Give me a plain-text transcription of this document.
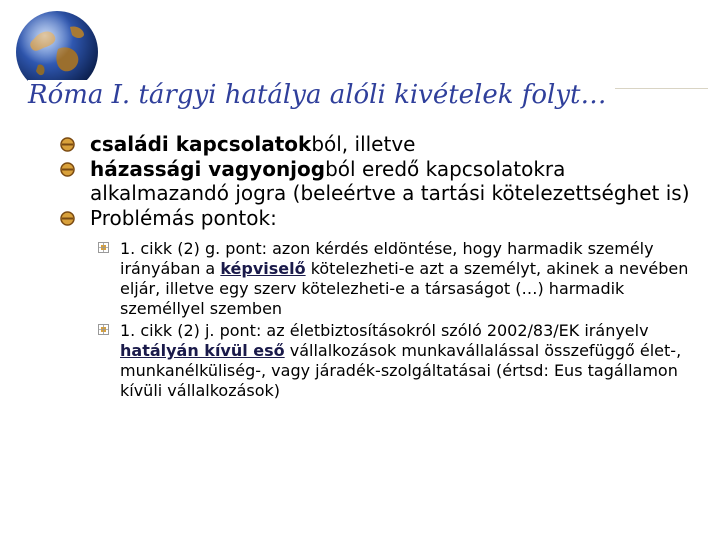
Róma I. tárgyi hatálya alóli kivételek folyt…
családi kapcsolatokból, illetve
házassági vagyonjogból eredő kapcsolatokra alkalmazandó jogra (beleértve a tartási kötelezettséghet is)
Problémás pontok:
1. cikk (2) g. pont: azon kérdés eldöntése, hogy harmadik személy irányában a képviselő kötelezheti-e azt a személyt, akinek a nevében eljár, illetve egy szerv kötelezheti-e a társaságot (…) harmadik személlyel szemben
1. cikk (2) j. pont: az életbiztosításokról szóló 2002/83/EK irányelv hatályán kívül eső vállalkozások munkavállalással összefüggő élet-, munkanélküliség-, vagy járadék-szolgáltatásai (értsd: Eus tagállamon kívüli vállalkozások)
